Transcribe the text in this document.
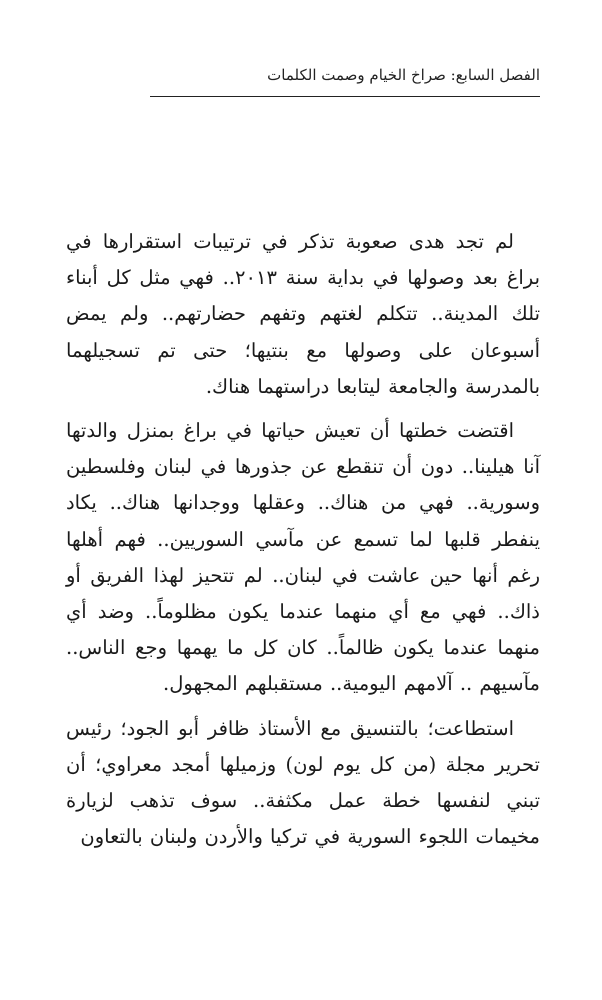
الفصل السابع: صراخ الخيام وصمت الكلمات

لم تجد هدى صعوبة تذكر في ترتيبات استقرارها في براغ بعد وصولها في بداية سنة ٢٠١٣.. فهي مثل كل أبناء تلك المدينة.. تتكلم لغتهم وتفهم حضارتهم.. ولم يمض أسبوعان على وصولها مع بنتيها؛ حتى تم تسجيلهما بالمدرسة والجامعة ليتابعا دراستهما هناك.

اقتضت خطتها أن تعيش حياتها في براغ بمنزل والدتها آنا هيلينا.. دون أن تنقطع عن جذورها في لبنان وفلسطين وسورية.. فهي من هناك.. وعقلها ووجدانها هناك.. يكاد ينفطر قلبها لما تسمع عن مآسي السوريين.. فهم أهلها رغم أنها حين عاشت في لبنان.. لم تتحيز لهذا الفريق أو ذاك.. فهي مع أي منهما عندما يكون مظلوماً.. وضد أي منهما عندما يكون ظالماً.. كان كل ما يهمها وجع الناس.. مآسيهم .. آلامهم اليومية.. مستقبلهم المجهول.

استطاعت؛ بالتنسيق مع الأستاذ ظافر أبو الجود؛ رئيس تحرير مجلة (من كل يوم لون) وزميلها أمجد معراوي؛ أن تبني لنفسها خطة عمل مكثفة.. سوف تذهب لزيارة مخيمات اللجوء السورية في تركيا والأردن ولبنان بالتعاون
